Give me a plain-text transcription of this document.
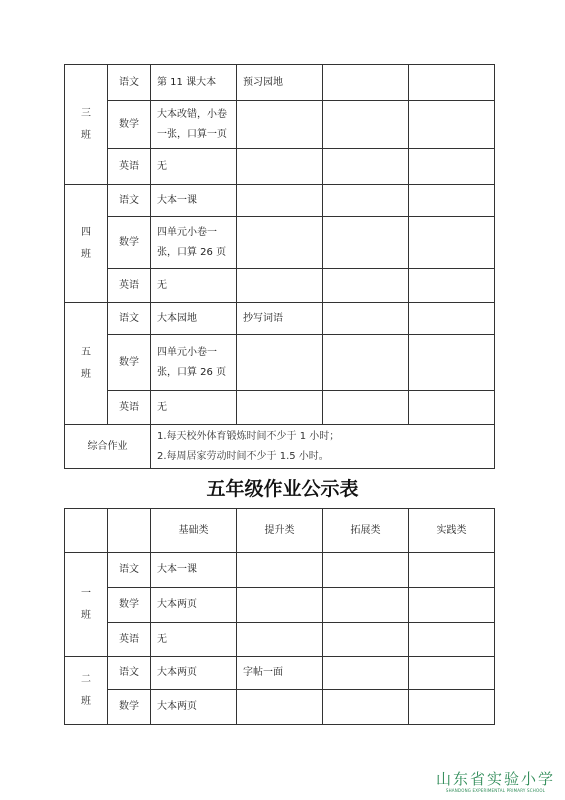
三
班	语文	第 11 课大本	预习园地		
	数学	大本改错，小卷一张，口算一页			
	英语	无			

四
班	语文	大本一课			
	数学	四单元小卷一张，口算 26 页			
	英语	无			

五
班	语文	大本园地	抄写词语		
	数学	四单元小卷一张，口算 26 页			
	英语	无			
综合作业		1.每天校外体育锻炼时间不少于 1 小时；
2.每周居家劳动时间不少于 1.5 小时。			
五年级作业公示表
		基础类	提升类	拓展类	实践类

一
班	语文	大本一课			
	数学	大本两页			
	英语	无			

二
班	语文	大本两页	字帖一面		
	数学	大本两页			
山东省实验小学
SHANDONG EXPERIMENTAL PRIMARY SCHOOL
